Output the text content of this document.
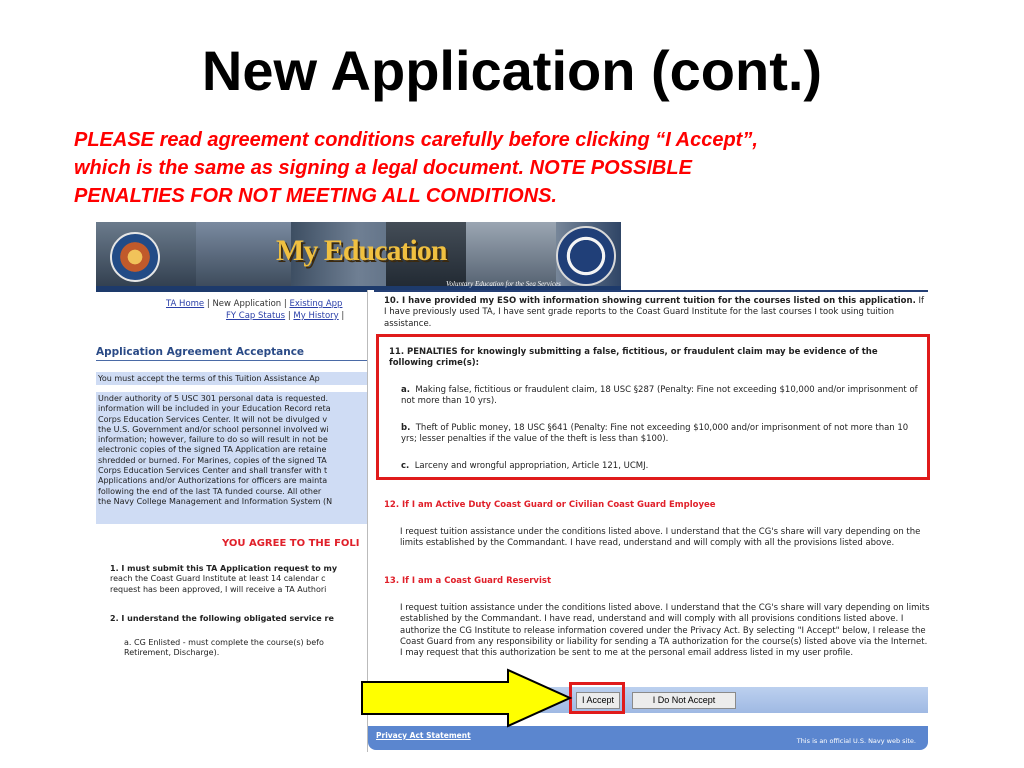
New Application (cont.)
PLEASE read agreement conditions carefully before clicking “I Accept”,
which is the same as signing a legal document. NOTE POSSIBLE
PENALTIES FOR NOT MEETING ALL CONDITIONS.
My Education
Voluntary Education for the Sea Services
TA Home | New Application | Existing App
FY Cap Status | My History |
Application Agreement Acceptance
You must accept the terms of this Tuition Assistance Ap

Under authority of 5 USC 301 personal data is requested.

information will be included in your Education Record reta

Corps Education Services Center. It will not be divulged v

the U.S. Government and/or school personnel involved wi

information; however, failure to do so will result in not be

electronic copies of the signed TA Application are retaine

shredded or burned. For Marines, copies of the signed TA

Corps Education Services Center and shall transfer with t

Applications and/or Authorizations for officers are mainta

following the end of the last TA funded course. All other

the Navy College Management and Information System (N

YOU AGREE TO THE FOLI

1. I must submit this TA Application request to my

reach the Coast Guard Institute at least 14 calendar c

request has been approved, I will receive a TA Authori

2. I understand the following obligated service re

a. CG Enlisted - must complete the course(s) befo

Retirement, Discharge).

10. I have provided my ESO with information showing current tuition for the courses listed on this application. If I have previously used TA, I have sent grade reports to the Coast Guard Institute for the last courses I took using tuition assistance.
11. PENALTIES for knowingly submitting a false, fictitious, or fraudulent claim may be evidence of the following crime(s):
a. Making false, fictitious or fraudulent claim, 18 USC §287 (Penalty: Fine not exceeding $10,000 and/or imprisonment of not more than 10 yrs).
b. Theft of Public money, 18 USC §641 (Penalty: Fine not exceeding $10,000 and/or imprisonment of not more than 10 yrs; lesser penalties if the value of the theft is less than $100).
c. Larceny and wrongful appropriation, Article 121, UCMJ.
12. If I am Active Duty Coast Guard or Civilian Coast Guard Employee
I request tuition assistance under the conditions listed above. I understand that the CG's share will vary depending on the limits established by the Commandant. I have read, understand and will comply with all the provisions listed above.
13. If I am a Coast Guard Reservist
I request tuition assistance under the conditions listed above. I understand that the CG's share will vary depending on limits established by the Commandant. I have read, understand and will comply with all provisions conditions listed above. I authorize the CG Institute to release information covered under the Privacy Act. By selecting "I Accept" below, I release the Coast Guard from any responsibility or liability for sending a TA authorization for the course(s) listed above via the Internet. I may request that this authorization be sent to me at the personal email address listed in my user profile.
I Accept	I Do Not Accept
Privacy Act Statement
This is an official U.S. Navy web site.
